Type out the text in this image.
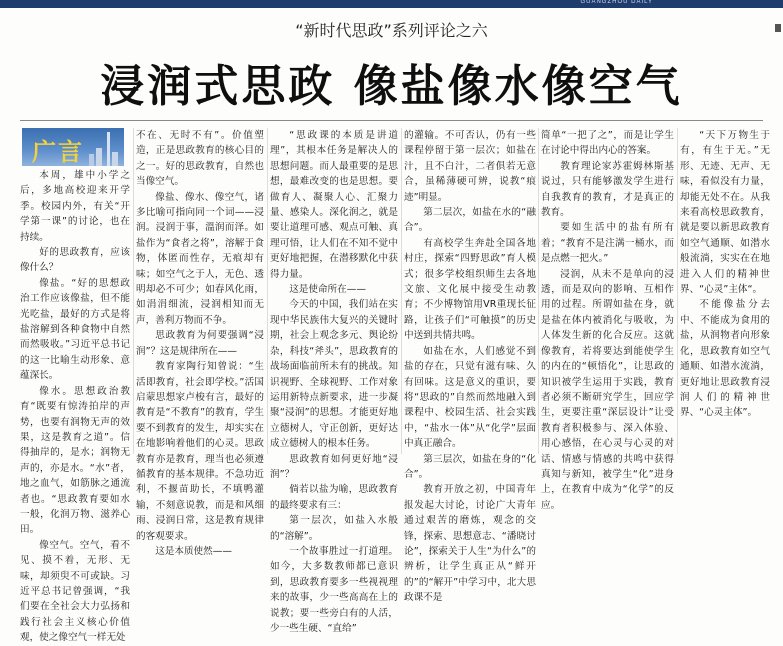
GUANGZHOU DAILY
“新时代思政”系列评论之六
浸润式思政 像盐像水像空气
广言

本周，雄中小学之后，多地高校迎来开学季。校园内外，有关“开学第一课”的讨论，也在持续。

好的思政教育，应该像什么？

像盐。“好的思想政治工作应该像盐，但不能光吃盐，最好的方式是将盐溶解到各种食物中自然而然吸收。”习近平总书记的这一比喻生动形象、意蕴深长。

像水。思想政治教育“既要有惊涛拍岸的声势，也要有润物无声的效果，这是教育之道”。信得抽岸的，是水；润物无声的，亦是水。“水”者，地之血气，如筋脉之通流者也。“思政教育要如水一般，化润万物、滋养心田。

像空气。空气，看不见、摸不着，无形、无味，却须臾不可或缺。习近平总书记曾强调，“我们要在全社会大力弘扬和践行社会主义核心价值观，使之像空气一样无处

不在、无时不有”。价值塑造，正是思政教育的核心目的之一。好的思政教育，自然也当像空气。

像盐、像水、像空气，诸多比喻可指向同一个词——浸润。浸润于事，溫润而泽。如盐作为“食者之将”，溶解于食物，体匿而性存，无痕却有味；如空气之于人，无色、透明却必不可少；如春风化雨，如涓涓细流，浸润相知而无声，善利万物而不争。

思政教育为何要强调“浸润”？这是规律所在——

教育家陶行知曾说：“生活即教育，社会即学校。”活国启蒙思想家卢梭有言，最好的教育是“不教育”的教育，学生要不到教育的发生，却实实在在地影响着他们的心灵。思政教育亦是教育，理当也必须遵循教育的基本规律。不急功近利，不揠苗助长，不填鸭灌输，不刻意说教，而是和风细雨、浸润日常，这是教育规律的客观要求。

这是本质使然——

“思政课的本质是讲道理”，其根本任务是解决人的思想问题。而人最重要的是思想，最难改变的也是思想。要做育人、凝聚人心、汇聚力量、感染人。深化润之，就是要让道理可感、观点可触、真理可悟，让人们在不知不觉中更好地把握，在潜移默化中获得力量。

这是使命所在——

今天的中国，我们站在实现中华民族伟大复兴的关键时期，社会上观念多元、舆论纷杂，科技“斧头”，思政教育的战场面临前所未有的挑战。知识视野、全球视野、工作对象运用新特点新要求，进一步凝聚“浸润”的思想。才能更好地立德树人，守正创新，更好达成立德树人的根本任务。

思政教育如何更好地“浸润”？

倘若以盐为喻，思政教育的最终要求有三：

第一层次，如盐入水般的“溶解”。

一个故事胜过一打道理。如今，大多数教师都已意识到，思政教育要多一些视视理来的故事，少一些高高在上的说教；要一些旁白有的人活，少一些生硬、“直给”

的灌输。不可否认，仍有一些课程停留于第一层次；如盐在汁，且不白汁，二者俱若无意合，虽稀薄硬可辨，说教“痕迹”明显。

第二层次，如盐在水的“融合”。

有高校学生奔赴全国各地村庄，探索“四野思政”育人模式；很多学校组织师生去各地文旅、文化展中接受生动教育；不少博物馆用VR重现长征路，让孩子们“可触摸”的历史中送到共情共鸣。

如盐在水，人们感觉不到盐的存在，只觉有滋有味、久有回味。这是意义的重识，要将“思政的”自然而然地融入到课程中、校园生活、社会实践中，“盐水一体”从“化学”层面中真正融合。

第三层次，如盐在身的“化合”。

教育开放之初，中国青年报发起大讨论，讨论广大青年通过艰苦的磨炼，观念的交锋，探索、思想意志、“潘晓讨论”，探索关于人生“为什么”的辨析，让学生真正从“鲜开的”的“解开”中学习中，北大思政课不是

简单“一把了之”，而是让学生在讨论中得出内心的答案。

教育理论家苏霍姆林斯基说过，只有能够激发学生进行自我教育的教育，才是真正的教育。

要如生活中的盐有所有着；“教育不是注满一桶水，而是点燃一把火。”

浸润，从未不是单向的浸透，而是双向的影响、互相作用的过程。所谓如盐在身，就是盐在体内被消化与吸收，为人体发生新的化合反应。这就像教育，若将要达到能使学生的内在的“顿悟化”，让思政的知识被学生运用于实践，教育者必须不断研究学生，回应学生，更要注重“深层设计”让受教育者积极参与、深入体验、用心感悟，在心灵与心灵的对话、情感与情感的共鸣中获得真知与新知，被学生“化”进身上，在教育中成为“化学”的反应。

“天下万物生于有，有生于无。”无形、无迹、无声、无味，看似没有力量，却能无处不在。从我来看高校思政教育，就是要以新思政教育如空气通顺、如潜水般流淌，实实在在地进入人们的精神世界、“心灵”主体“。

不能像盐分去中、不能成为食用的盐，从润物者向形象化，思政教育如空气通顺、如潜水流淌，更好地让思政教育浸润人们的精神世界、“心灵主体”。
